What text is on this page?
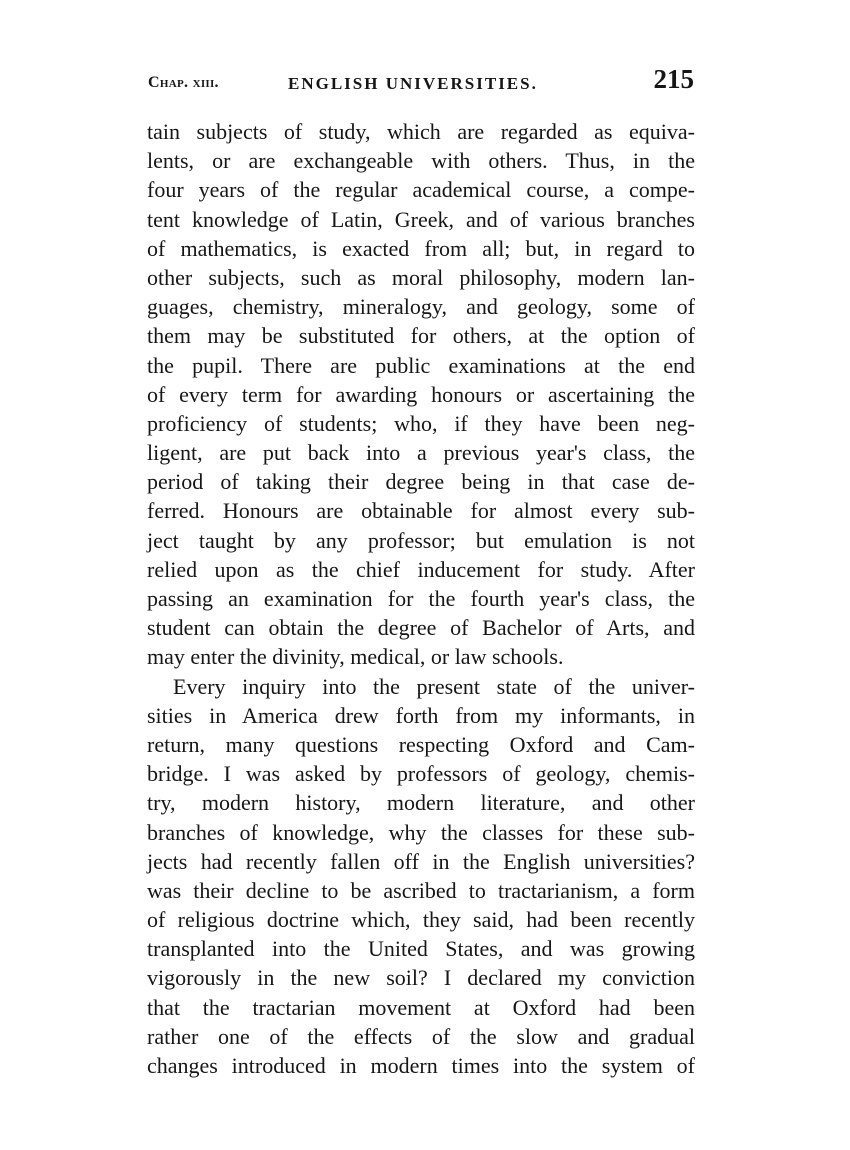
Chap. xiii.	ENGLISH UNIVERSITIES.	215
tain subjects of study, which are regarded as equiva-
lents, or are exchangeable with others. Thus, in the
four years of the regular academical course, a compe-
tent knowledge of Latin, Greek, and of various branches
of mathematics, is exacted from all; but, in regard to
other subjects, such as moral philosophy, modern lan-
guages, chemistry, mineralogy, and geology, some of
them may be substituted for others, at the option of
the pupil. There are public examinations at the end
of every term for awarding honours or ascertaining the
proficiency of students; who, if they have been neg-
ligent, are put back into a previous year's class, the
period of taking their degree being in that case de-
ferred. Honours are obtainable for almost every sub-
ject taught by any professor; but emulation is not
relied upon as the chief inducement for study. After
passing an examination for the fourth year's class, the
student can obtain the degree of Bachelor of Arts, and
may enter the divinity, medical, or law schools.
Every inquiry into the present state of the univer-
sities in America drew forth from my informants, in
return, many questions respecting Oxford and Cam-
bridge. I was asked by professors of geology, chemis-
try, modern history, modern literature, and other
branches of knowledge, why the classes for these sub-
jects had recently fallen off in the English universities?
was their decline to be ascribed to tractarianism, a form
of religious doctrine which, they said, had been recently
transplanted into the United States, and was growing
vigorously in the new soil? I declared my conviction
that the tractarian movement at Oxford had been
rather one of the effects of the slow and gradual
changes introduced in modern times into the system of
